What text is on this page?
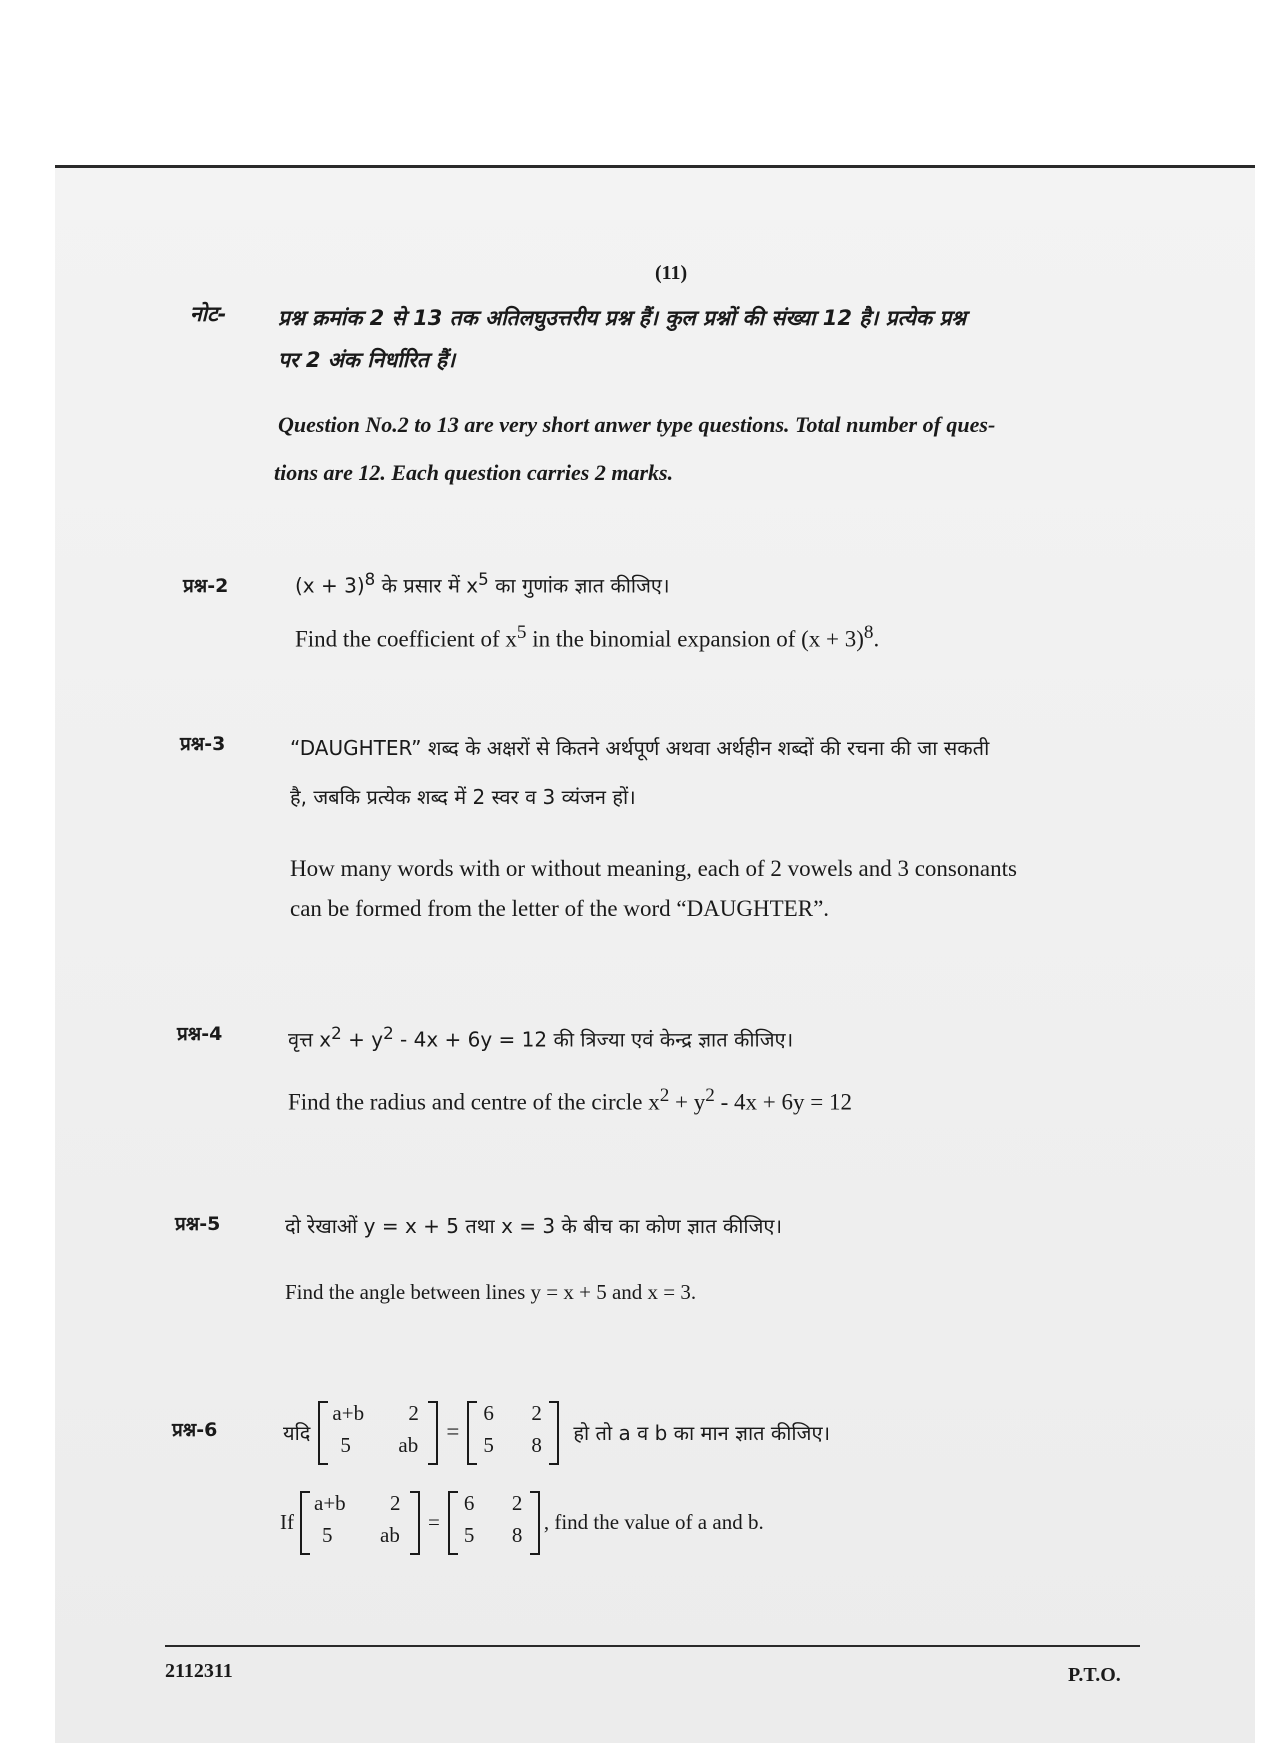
(11)
नोट- प्रश्न क्रमांक 2 से 13 तक अतिलघुउत्तरीय प्रश्न हैं। कुल प्रश्नों की संख्या 12 है। प्रत्येक प्रश्न
पर 2 अंक निर्धारित हैं।
Question No.2 to 13 are very short anwer type questions. Total number of ques-
tions are 12. Each question carries 2 marks.
प्रश्न-2	$(x + 3)^8$ के प्रसार में $x^5$ का गुणांक ज्ञात कीजिए।
Find the coefficient of $x^5$ in the binomial expansion of $(x + 3)^8$.
प्रश्न-3	“DAUGHTER” शब्द के अक्षरों से कितने अर्थपूर्ण अथवा अर्थहीन शब्दों की रचना की जा सकती
है, जबकि प्रत्येक शब्द में 2 स्वर व 3 व्यंजन हों।
How many words with or without meaning, each of 2 vowels and 3 consonants
can be formed from the letter of the word “DAUGHTER”.
प्रश्न-4	वृत्त $x^2 + y^2 - 4x + 6y = 12$ की त्रिज्या एवं केन्द्र ज्ञात कीजिए।
Find the radius and centre of the circle $x^2 + y^2 - 4x + 6y = 12$
प्रश्न-5	दो रेखाओं y = x + 5 तथा x = 3 के बीच का कोण ज्ञात कीजिए।
Find the angle between lines y = x + 5 and x = 3.
प्रश्न-6	यदि
a+b 2
5 ab
=
6 2
5 8
हो तो a व b का मान ज्ञात कीजिए।
If
a+b 2
5 ab
=
6 2
5 8
, find the value of a and b.
2112311	P.T.O.
